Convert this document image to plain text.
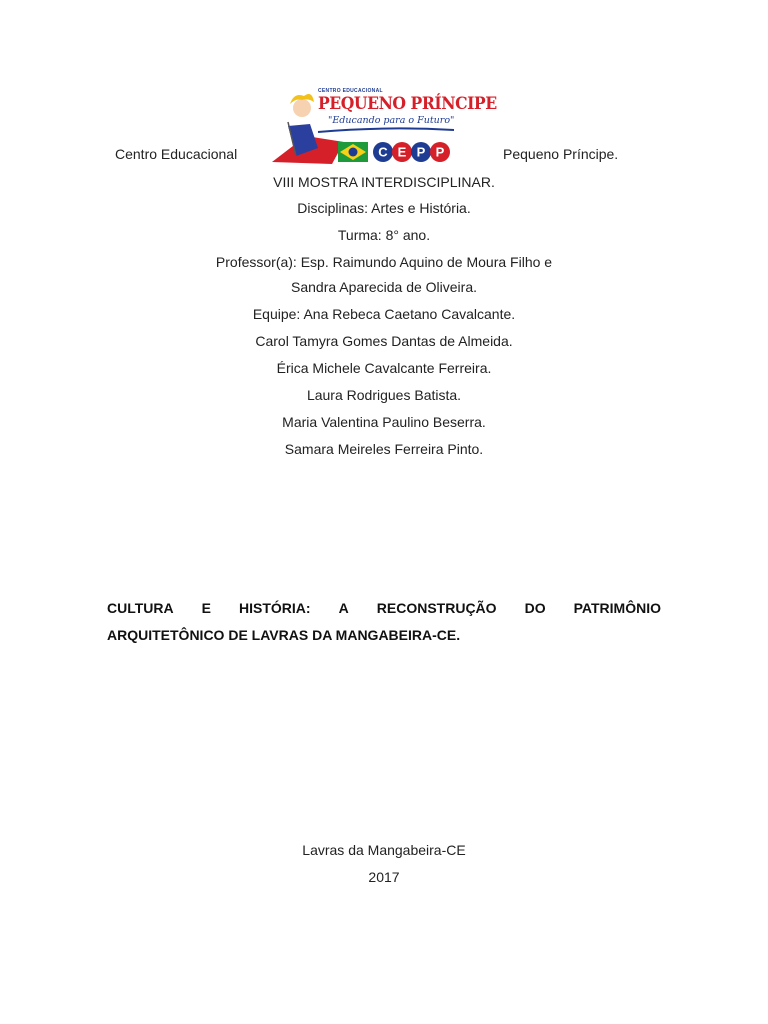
Centro Educacional
CENTRO EDUCACIONAL
PEQUENO PRÍNCIPE
"Educando para o Futuro"
C E P P	Pequeno Príncipe.
VIII MOSTRA INTERDISCIPLINAR.
Disciplinas: Artes e História.
Turma: 8° ano.
Professor(a): Esp. Raimundo Aquino de Moura Filho e
Sandra Aparecida de Oliveira.
Equipe: Ana Rebeca Caetano Cavalcante.
Carol Tamyra Gomes Dantas de Almeida.
Érica Michele Cavalcante Ferreira.
Laura Rodrigues Batista.
Maria Valentina Paulino Beserra.
Samara Meireles Ferreira Pinto.
CULTURA E HISTÓRIA: A RECONSTRUÇÃO DO PATRIMÔNIO
ARQUITETÔNICO DE LAVRAS DA MANGABEIRA-CE.
Lavras da Mangabeira-CE
2017
